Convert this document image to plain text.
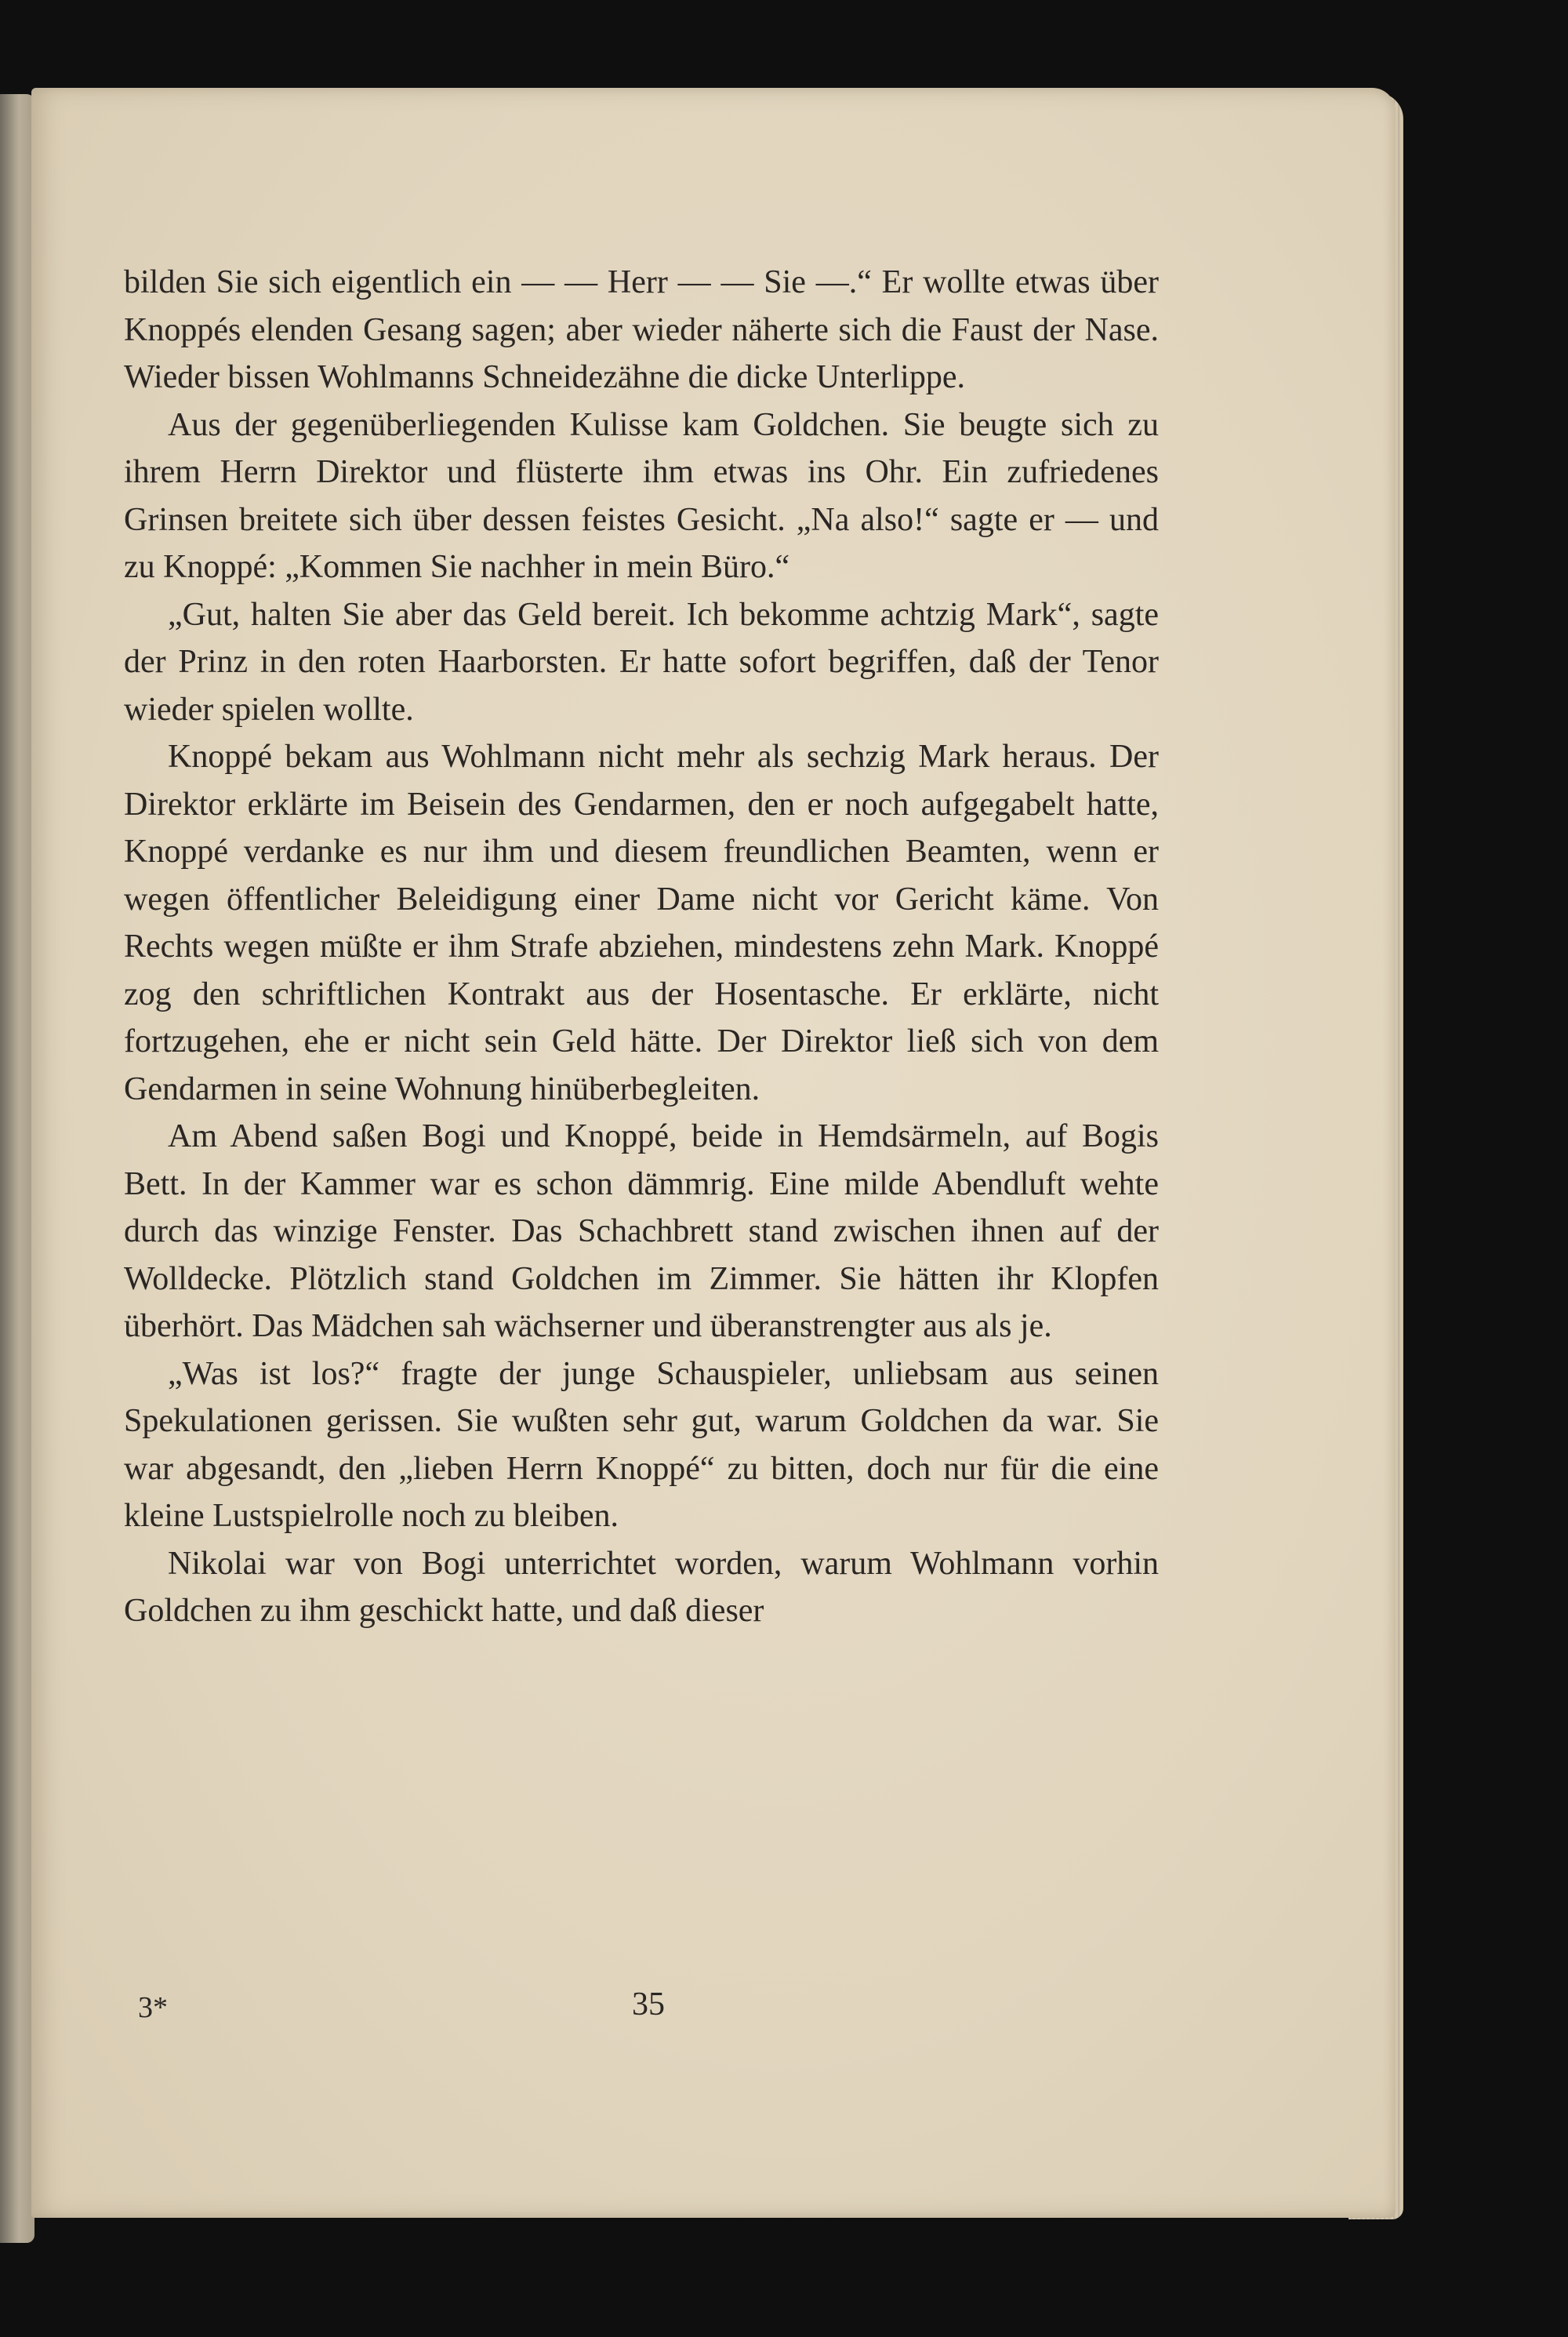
bilden Sie sich eigentlich ein — — Herr — — Sie —.“ Er wollte etwas über Knoppés elenden Gesang sagen; aber wieder näherte sich die Faust der Nase. Wieder bissen Wohlmanns Schneidezähne die dicke Unterlippe.

Aus der gegenüberliegenden Kulisse kam Goldchen. Sie beugte sich zu ihrem Herrn Direktor und flüsterte ihm etwas ins Ohr. Ein zufriedenes Grinsen breitete sich über dessen feistes Gesicht. „Na also!“ sagte er — und zu Knoppé: „Kommen Sie nachher in mein Büro.“

„Gut, halten Sie aber das Geld bereit. Ich bekomme achtzig Mark“, sagte der Prinz in den roten Haarborsten. Er hatte sofort begriffen, daß der Tenor wieder spielen wollte.

Knoppé bekam aus Wohlmann nicht mehr als sechzig Mark heraus. Der Direktor erklärte im Beisein des Gendarmen, den er noch aufgegabelt hatte, Knoppé verdanke es nur ihm und diesem freundlichen Beamten, wenn er wegen öffentlicher Beleidigung einer Dame nicht vor Gericht käme. Von Rechts wegen müßte er ihm Strafe abziehen, mindestens zehn Mark. Knoppé zog den schriftlichen Kontrakt aus der Hosentasche. Er erklärte, nicht fortzugehen, ehe er nicht sein Geld hätte. Der Direktor ließ sich von dem Gendarmen in seine Wohnung hinüberbegleiten.

Am Abend saßen Bogi und Knoppé, beide in Hemdsärmeln, auf Bogis Bett. In der Kammer war es schon dämmrig. Eine milde Abendluft wehte durch das winzige Fenster. Das Schachbrett stand zwischen ihnen auf der Wolldecke. Plötzlich stand Goldchen im Zimmer. Sie hätten ihr Klopfen überhört. Das Mädchen sah wächserner und überanstrengter aus als je.

„Was ist los?“ fragte der junge Schauspieler, unliebsam aus seinen Spekulationen gerissen. Sie wußten sehr gut, warum Goldchen da war. Sie war abgesandt, den „lieben Herrn Knoppé“ zu bitten, doch nur für die eine kleine Lustspielrolle noch zu bleiben.

Nikolai war von Bogi unterrichtet worden, warum Wohlmann vorhin Goldchen zu ihm geschickt hatte, und daß dieser

3*	35
